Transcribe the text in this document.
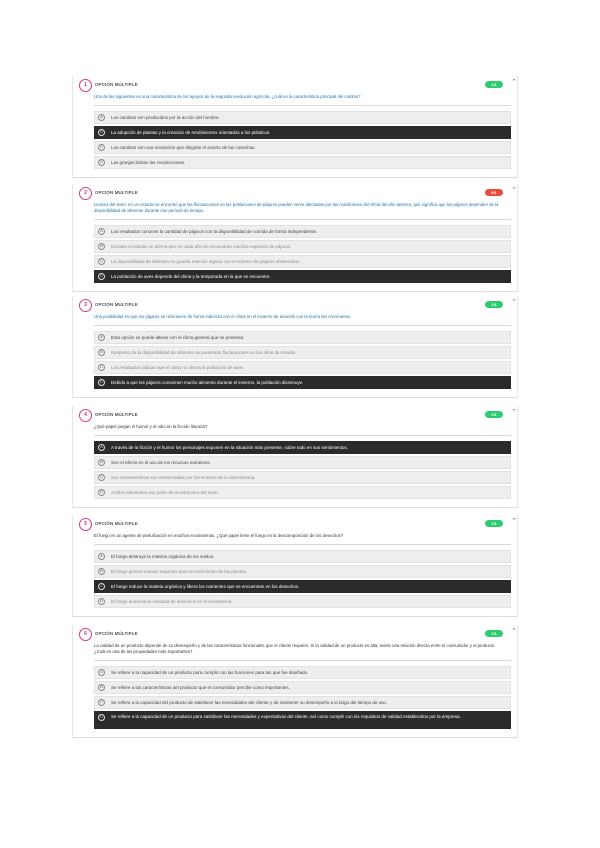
1	OPCIÓN MÚLTIPLE	1/1	⌃
Una de las siguientes es una característica de los apoyos de la segunda revolución agrícola, ¿cuál es la característica principal del cambio?
A	Los cambios son producidos por la acción del hombre.
B	La adopción de plantas y la creación de rendimientos orientados a los plásticos.
C	Los cambios son una revolución que dirigirán el acierto de las cosechas.
D	Las granjas limitan las recolecciones.
2	OPCIÓN MÚLTIPLE	0/1	⌃
Lectura del texto: en un estudio se encontró que las fluctuaciones en las poblaciones de pájaros pueden verse afectadas por las condiciones del clima del año anterior, qué significa que los pájaros dependen de la disponibilidad de alimento durante ese periodo de tiempo.
A	Los resultados conocen la cantidad de pájaros con la disponibilidad de comida de forma independiente.
B	Durante el estudio se afirma que en cada año se encuentran muchas especies de pájaros.
C	La disponibilidad de alimento no guarda relación alguna con el número de pájaros observados.
D	La población de aves depende del clima y la temporada en la que se encuentre.
3	OPCIÓN MÚLTIPLE	1/1	⌃
Una posibilidad es que los pájaros se relacionen de forma indirecta con el clima en el invierno de acuerdo con la teoría del crecimiento.
A	Esta opción se puede alterar con el clima general que se presenta.
B	Respecto de la disponibilidad de alimento se presentan fluctuaciones en los años de estudio.
C	Los resultados indican que el clima no afecta la población de aves.
D	Debido a que los pájaros consumen mucho alimento durante el invierno, la población disminuye.
4	OPCIÓN MÚLTIPLE	1/1	⌃
¿Qué papel juegan el humor y el odio en la ficción literaria?
A	A través de la ficción y el humor los personajes exponen en la situación más presente, sobre todo en sus sentimientos.
B	Son el efecto en el uso de los recursos narrativos.
C	Sus características son interpretadas por los lectores de la obra literaria.
D	Ambos elementos son parte de la estructura del texto.
5	OPCIÓN MÚLTIPLE	1/1	⌃
El fuego es un agente de perturbación en muchos ecosistemas. ¿Qué papel tiene el fuego en la descomposición de los desechos?
A	El fuego destruye la materia orgánica de los suelos.
B	El fuego genera nuevos espacios para el crecimiento de las plantas.
C	El fuego reduce la materia orgánica y libera los nutrientes que se encuentran en los desechos.
D	El fuego aumenta la cantidad de desechos en el ecosistema.
6	OPCIÓN MÚLTIPLE	1/1	⌃
La calidad de un producto depende de su desempeño y de las características funcionales que el cliente requiere. Si la calidad de un producto es alta, existe una relación directa entre el consumidor y el producto. ¿Cuál es una de las propiedades más importantes?
A	Se refiere a la capacidad de un producto para cumplir con las funciones para las que fue diseñado.
B	Se refiere a las características del producto que el consumidor percibe como importantes.
C	Se refiere a la capacidad del producto de satisfacer las necesidades del cliente y de mantener su desempeño a lo largo del tiempo de uso.
D	Se refiere a la capacidad de un producto para satisfacer las necesidades y expectativas del cliente, así como cumplir con los requisitos de calidad establecidos por la empresa.
